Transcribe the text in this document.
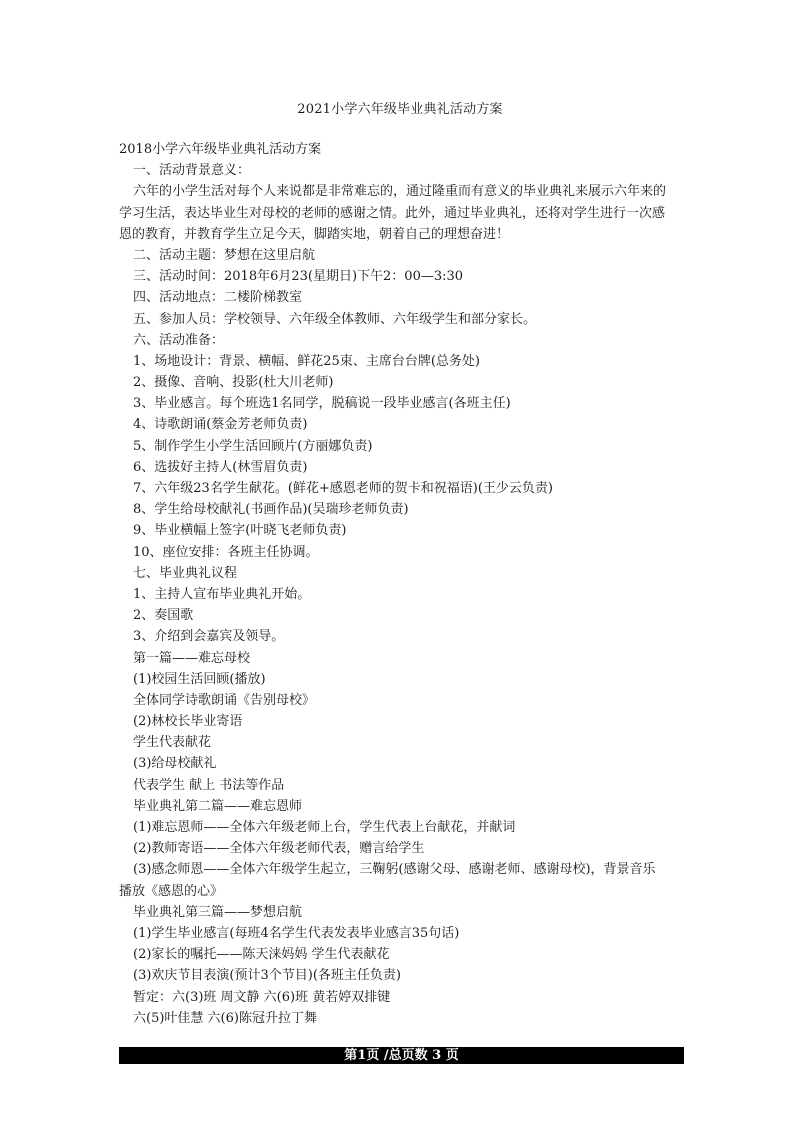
2021小学六年级毕业典礼活动方案
2018小学六年级毕业典礼活动方案
一、活动背景意义：
六年的小学生活对每个人来说都是非常难忘的，通过隆重而有意义的毕业典礼来展示六年来的
学习生活，表达毕业生对母校的老师的感谢之情。此外，通过毕业典礼，还将对学生进行一次感
恩的教育，并教育学生立足今天，脚踏实地，朝着自己的理想奋进！
二、活动主题：梦想在这里启航
三、活动时间：2018年6月23(星期日)下午2：00—3:30
四、活动地点：二楼阶梯教室
五、参加人员：学校领导、六年级全体教师、六年级学生和部分家长。
六、活动准备：
1、场地设计：背景、横幅、鲜花25束、主席台台牌(总务处)
2、摄像、音响、投影(杜大川老师)
3、毕业感言。每个班选1名同学，脱稿说一段毕业感言(各班主任)
4、诗歌朗诵(蔡金芳老师负责)
5、制作学生小学生活回顾片(方丽娜负责)
6、选拔好主持人(林雪眉负责)
7、六年级23名学生献花。(鲜花+感恩老师的贺卡和祝福语)(王少云负责)
8、学生给母校献礼(书画作品)(吴瑞珍老师负责)
9、毕业横幅上签字(叶晓飞老师负责)
10、座位安排：各班主任协调。
七、毕业典礼议程
1、主持人宣布毕业典礼开始。
2、奏国歌
3、介绍到会嘉宾及领导。
第一篇——难忘母校
(1)校园生活回顾(播放)
全体同学诗歌朗诵《告别母校》
(2)林校长毕业寄语
学生代表献花
(3)给母校献礼
代表学生 献上 书法等作品
毕业典礼第二篇——难忘恩师
(1)难忘恩师——全体六年级老师上台，学生代表上台献花，并献词
(2)教师寄语——全体六年级老师代表，赠言给学生
(3)感念师恩——全体六年级学生起立，三鞠躬(感谢父母、感谢老师、感谢母校)，背景音乐
播放《感恩的心》
毕业典礼第三篇——梦想启航
(1)学生毕业感言(每班4名学生代表发表毕业感言35句话)
(2)家长的嘱托——陈天涞妈妈 学生代表献花
(3)欢庆节目表演(预计3个节目)(各班主任负责)
暂定：六(3)班 周文静 六(6)班 黄若婷双排键
六(5)叶佳慧 六(6)陈冠升拉丁舞
第1页 /总页数 3 页
